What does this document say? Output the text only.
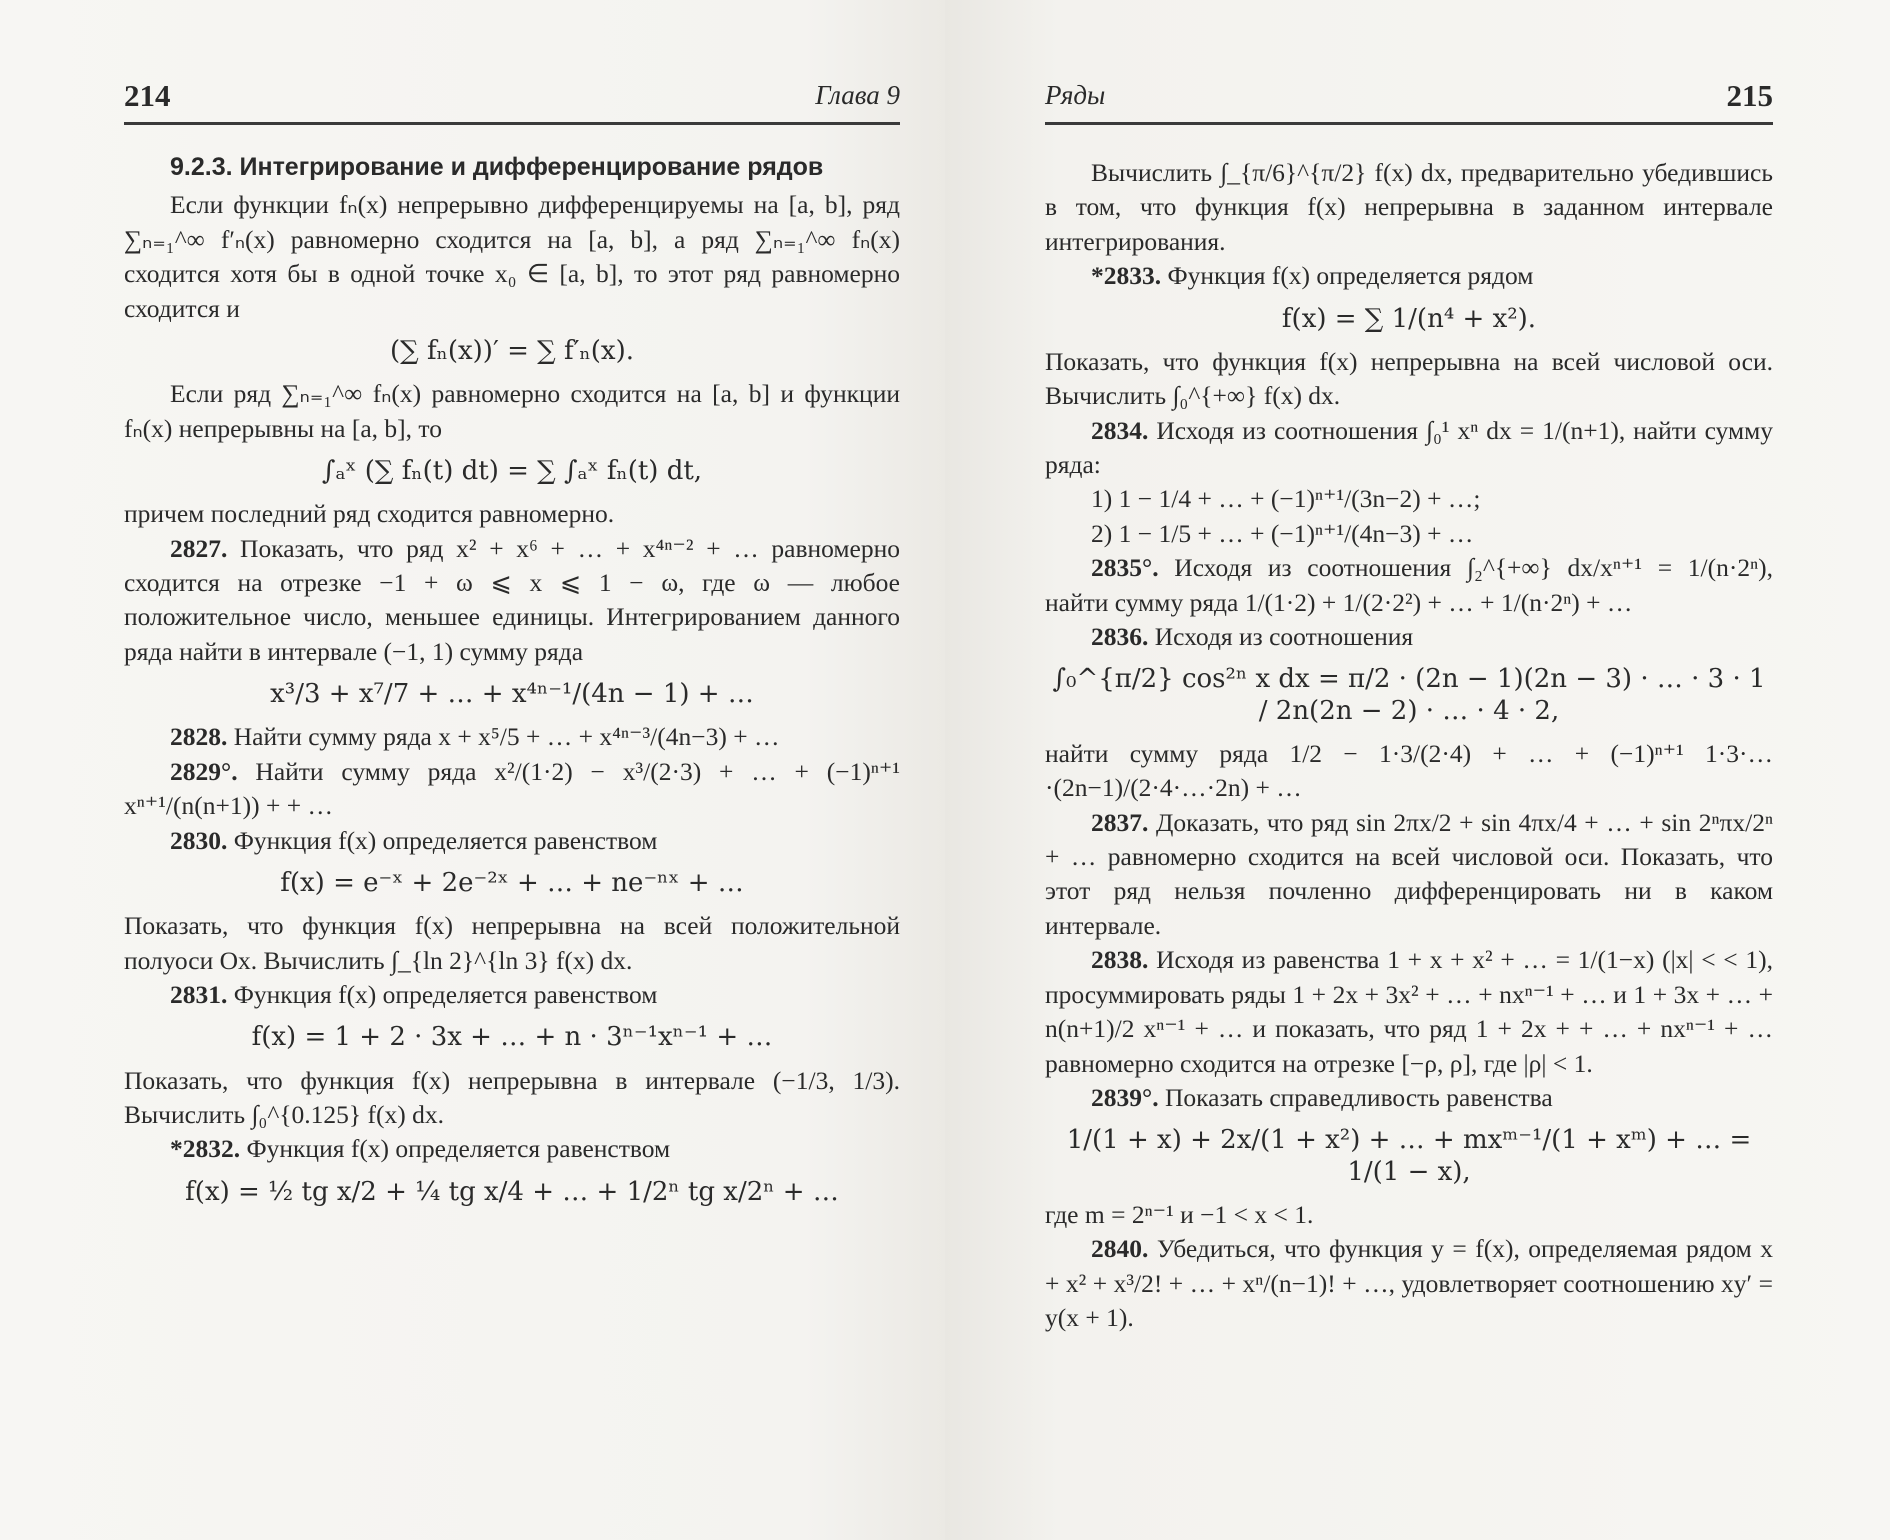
214	Глава 9
9.2.3. Интегрирование и дифференцирование рядов

Если функции fₙ(x) непрерывно дифференцируемы на [a, b], ряд ∑ₙ₌₁^∞ f′ₙ(x) равномерно сходится на [a, b], а ряд ∑ₙ₌₁^∞ fₙ(x) сходится хотя бы в одной точке x₀ ∈ [a, b], то этот ряд равномерно сходится и

(∑ fₙ(x))′ = ∑ f′ₙ(x).

Если ряд ∑ₙ₌₁^∞ fₙ(x) равномерно сходится на [a, b] и функции fₙ(x) непрерывны на [a, b], то

∫ₐˣ (∑ fₙ(t) dt) = ∑ ∫ₐˣ fₙ(t) dt,

причем последний ряд сходится равномерно.

2827. Показать, что ряд x² + x⁶ + … + x⁴ⁿ⁻² + … равномерно сходится на отрезке −1 + ω ⩽ x ⩽ 1 − ω, где ω — любое положительное число, меньшее единицы. Интегрированием данного ряда найти в интервале (−1, 1) сумму ряда

x³/3 + x⁷/7 + … + x⁴ⁿ⁻¹/(4n − 1) + …

2828. Найти сумму ряда x + x⁵/5 + … + x⁴ⁿ⁻³/(4n−3) + …

2829°. Найти сумму ряда x²/(1·2) − x³/(2·3) + … + (−1)ⁿ⁺¹ xⁿ⁺¹/(n(n+1)) + + …

2830. Функция f(x) определяется равенством

f(x) = e⁻ˣ + 2e⁻²ˣ + … + ne⁻ⁿˣ + …

Показать, что функция f(x) непрерывна на всей положительной полуоси Ox. Вычислить ∫_{ln 2}^{ln 3} f(x) dx.

2831. Функция f(x) определяется равенством

f(x) = 1 + 2 · 3x + … + n · 3ⁿ⁻¹xⁿ⁻¹ + …

Показать, что функция f(x) непрерывна в интервале (−1/3, 1/3). Вычислить ∫₀^{0.125} f(x) dx.

*2832. Функция f(x) определяется равенством

f(x) = ½ tg x/2 + ¼ tg x/4 + … + 1/2ⁿ tg x/2ⁿ + …
Ряды	215

Вычислить ∫_{π/6}^{π/2} f(x) dx, предварительно убедившись в том, что функция f(x) непрерывна в заданном интервале интегрирования.

*2833. Функция f(x) определяется рядом

f(x) = ∑ 1/(n⁴ + x²).

Показать, что функция f(x) непрерывна на всей числовой оси. Вычислить ∫₀^{+∞} f(x) dx.

2834. Исходя из соотношения ∫₀¹ xⁿ dx = 1/(n+1), найти сумму ряда:

1) 1 − 1/4 + … + (−1)ⁿ⁺¹/(3n−2) + …;

2) 1 − 1/5 + … + (−1)ⁿ⁺¹/(4n−3) + …

2835°. Исходя из соотношения ∫₂^{+∞} dx/xⁿ⁺¹ = 1/(n·2ⁿ), найти сумму ряда 1/(1·2) + 1/(2·2²) + … + 1/(n·2ⁿ) + …

2836. Исходя из соотношения

∫₀^{π/2} cos²ⁿ x dx = π/2 · (2n − 1)(2n − 3) · … · 3 · 1 / 2n(2n − 2) · … · 4 · 2,

найти сумму ряда 1/2 − 1·3/(2·4) + … + (−1)ⁿ⁺¹ 1·3·…·(2n−1)/(2·4·…·2n) + …

2837. Доказать, что ряд sin 2πx/2 + sin 4πx/4 + … + sin 2ⁿπx/2ⁿ + … равномерно сходится на всей числовой оси. Показать, что этот ряд нельзя почленно дифференцировать ни в каком интервале.

2838. Исходя из равенства 1 + x + x² + … = 1/(1−x) (|x| < < 1), просуммировать ряды 1 + 2x + 3x² + … + nxⁿ⁻¹ + … и 1 + 3x + … + n(n+1)/2 xⁿ⁻¹ + … и показать, что ряд 1 + 2x + + … + nxⁿ⁻¹ + … равномерно сходится на отрезке [−ρ, ρ], где |ρ| < 1.

2839°. Показать справедливость равенства

1/(1 + x) + 2x/(1 + x²) + … + mxᵐ⁻¹/(1 + xᵐ) + … = 1/(1 − x),

где m = 2ⁿ⁻¹ и −1 < x < 1.

2840. Убедиться, что функция y = f(x), определяемая рядом x + x² + x³/2! + … + xⁿ/(n−1)! + …, удовлетворяет соотношению xy′ = y(x + 1).
